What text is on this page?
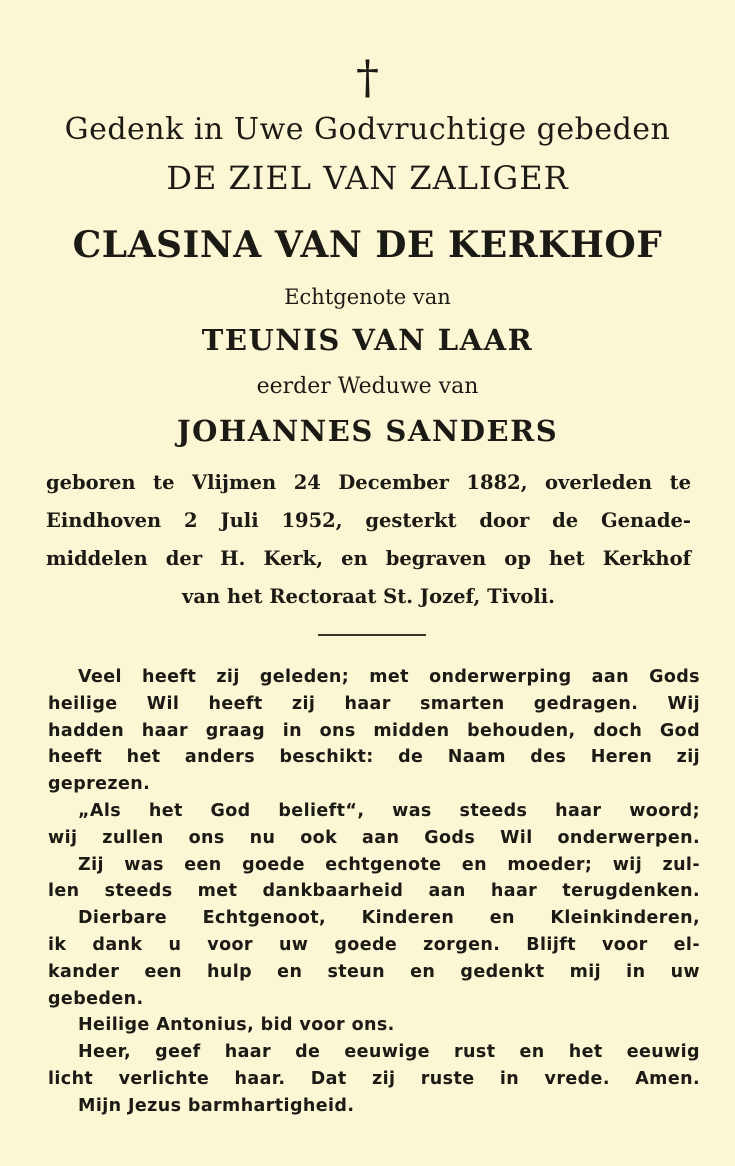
†
Gedenk in Uwe Godvruchtige gebeden
DE ZIEL VAN ZALIGER
CLASINA VAN DE KERKHOF
Echtgenote van
TEUNIS VAN LAAR
eerder Weduwe van
JOHANNES SANDERS
geboren te Vlijmen 24 December 1882, overleden te
Eindhoven 2 Juli 1952, gesterkt door de Genade-
middelen der H. Kerk, en begraven op het Kerkhof
van het Rectoraat St. Jozef, Tivoli.
Veel heeft zij geleden; met onderwerping aan Gods
heilige Wil heeft zij haar smarten gedragen. Wij
hadden haar graag in ons midden behouden, doch God
heeft het anders beschikt: de Naam des Heren zij
geprezen.
„Als het God belieft“, was steeds haar woord;
wij zullen ons nu ook aan Gods Wil onderwerpen.
Zij was een goede echtgenote en moeder; wij zul-
len steeds met dankbaarheid aan haar terugdenken.
Dierbare Echtgenoot, Kinderen en Kleinkinderen,
ik dank u voor uw goede zorgen. Blijft voor el-
kander een hulp en steun en gedenkt mij in uw
gebeden.
Heilige Antonius, bid voor ons.
Heer, geef haar de eeuwige rust en het eeuwig
licht verlichte haar. Dat zij ruste in vrede. Amen.
Mijn Jezus barmhartigheid.
